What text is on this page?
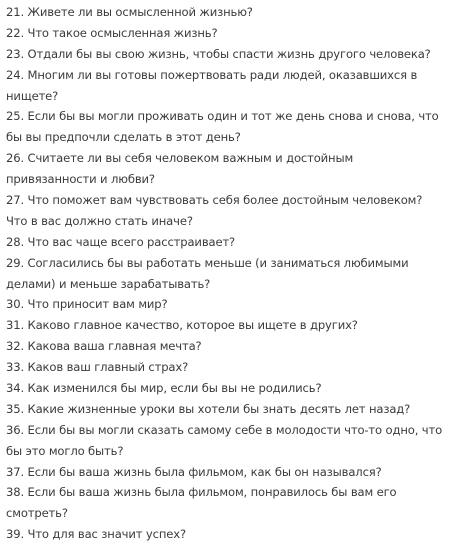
21. Живете ли вы осмысленной жизнью?
22. Что такое осмысленная жизнь?
23. Отдали бы вы свою жизнь, чтобы спасти жизнь другого человека?
24. Многим ли вы готовы пожертвовать ради людей, оказавшихся в
нищете?
25. Если бы вы могли проживать один и тот же день снова и снова, что
бы вы предпочли сделать в этот день?
26. Считаете ли вы себя человеком важным и достойным
привязанности и любви?
27. Что поможет вам чувствовать себя более достойным человеком?
Что в вас должно стать иначе?
28. Что вас чаще всего расстраивает?
29. Согласились бы вы работать меньше (и заниматься любимыми
делами) и меньше зарабатывать?
30. Что приносит вам мир?
31. Каково главное качество, которое вы ищете в других?
32. Какова ваша главная мечта?
33. Каков ваш главный страх?
34. Как изменился бы мир, если бы вы не родились?
35. Какие жизненные уроки вы хотели бы знать десять лет назад?
36. Если бы вы могли сказать самому себе в молодости что-то одно, что
бы это могло быть?
37. Если бы ваша жизнь была фильмом, как бы он назывался?
38. Если бы ваша жизнь была фильмом, понравилось бы вам его
смотреть?
39. Что для вас значит успех?
